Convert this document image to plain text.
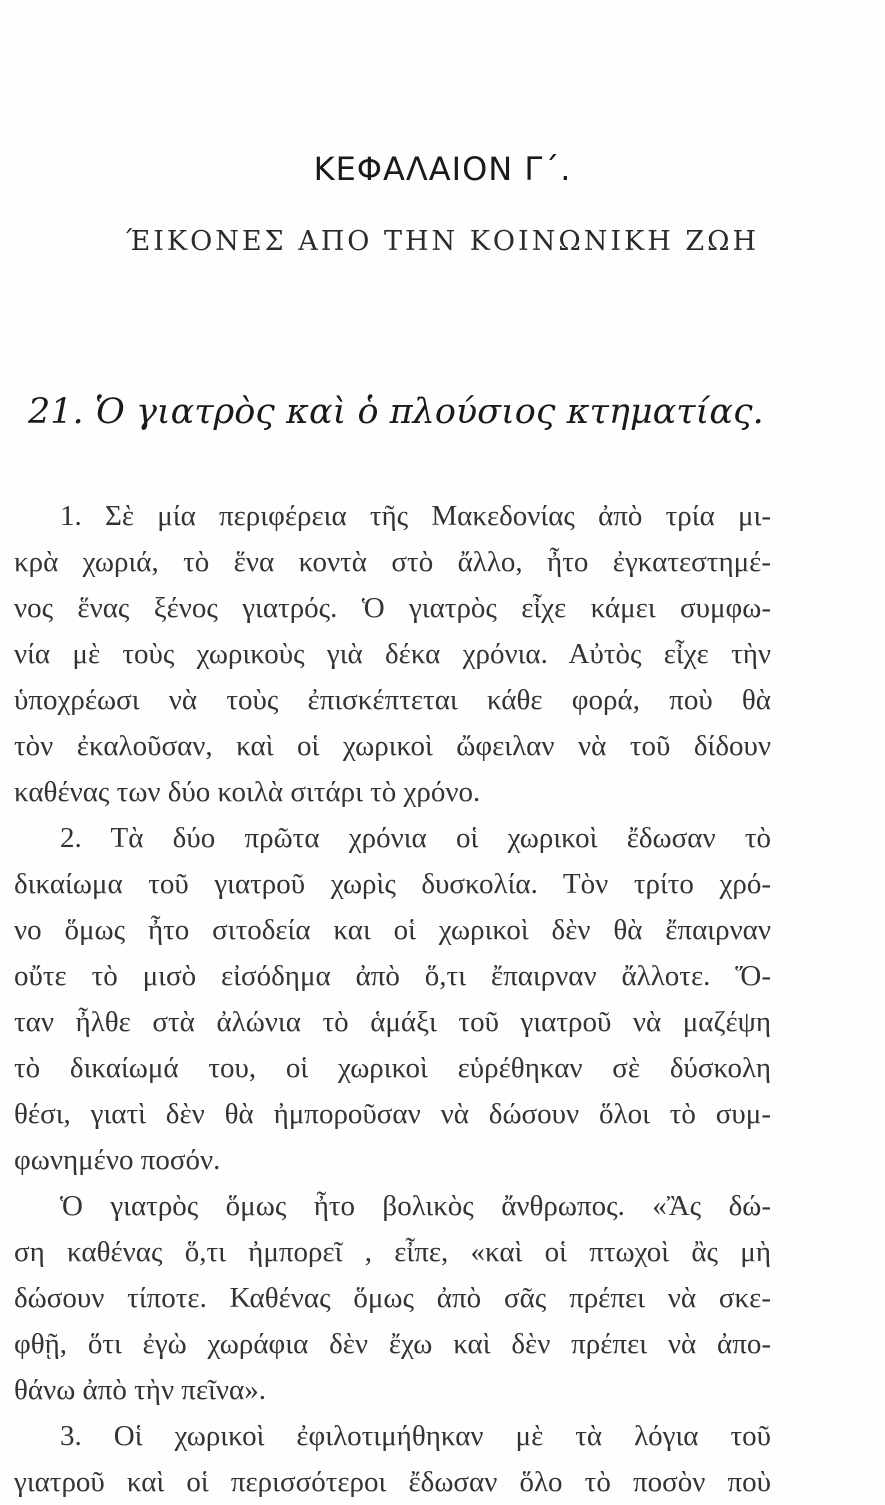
ΚΕΦΑΛΑΙΟΝ Γ΄.
ΈΙΚΟΝΕΣ ΑΠΟ ΤΗΝ ΚΟΙΝΩΝΙΚΗ ΖΩΗ
21. Ὁ γιατρὸς καὶ ὁ πλούσιος κτηματίας.
1. Σὲ μία περιφέρεια τῆς Μακεδονίας ἀπὸ τρία μι-
κρὰ χωριά, τὸ ἕνα κοντὰ στὸ ἄλλο, ἦτο ἐγκατεστημέ-
νος ἕνας ξένος γιατρός. Ὁ γιατρὸς εἶχε κάμει συμφω-
νία μὲ τοὺς χωρικοὺς γιὰ δέκα χρόνια. Αὐτὸς εἶχε τὴν
ὑποχρέωσι νὰ τοὺς ἐπισκέπτεται κάθε φορά, ποὺ θὰ
τὸν ἐκαλοῦσαν, καὶ οἱ χωρικοὶ ὤφειλαν νὰ τοῦ δίδουν
καθένας των δύο κοιλὰ σιτάρι τὸ χρόνο.
2. Τὰ δύο πρῶτα χρόνια οἱ χωρικοὶ ἔδωσαν τὸ
δικαίωμα τοῦ γιατροῦ χωρὶς δυσκολία. Τὸν τρίτο χρό-
νο ὅμως ἦτο σιτοδεία και οἱ χωρικοὶ δὲν θὰ ἔπαιρναν
οὔτε τὸ μισὸ εἰσόδημα ἀπὸ ὅ,τι ἔπαιρναν ἄλλοτε. Ὅ-
ταν ἦλθε στὰ ἀλώνια τὸ ἁμάξι τοῦ γιατροῦ νὰ μαζέψη
τὸ δικαίωμά του, οἱ χωρικοὶ εὑρέθηκαν σὲ δύσκολη
θέσι, γιατὶ δὲν θὰ ἠμποροῦσαν νὰ δώσουν ὅλοι τὸ συμ-
φωνημένο ποσόν.
Ὁ γιατρὸς ὅμως ἦτο βολικὸς ἄνθρωπος. «Ἂς δώ-
ση καθένας ὅ,τι ἠμπορεῖ , εἶπε, «καὶ οἱ πτωχοὶ ἂς μὴ
δώσουν τίποτε. Καθένας ὅμως ἀπὸ σᾶς πρέπει νὰ σκε-
φθῇ, ὅτι ἐγὼ χωράφια δὲν ἔχω καὶ δὲν πρέπει νὰ ἀπο-
θάνω ἀπὸ τὴν πεῖνα».
3. Οἱ χωρικοὶ ἐφιλοτιμήθηκαν μὲ τὰ λόγια τοῦ
γιατροῦ καὶ οἱ περισσότεροι ἔδωσαν ὅλο τὸ ποσὸν ποὺ
